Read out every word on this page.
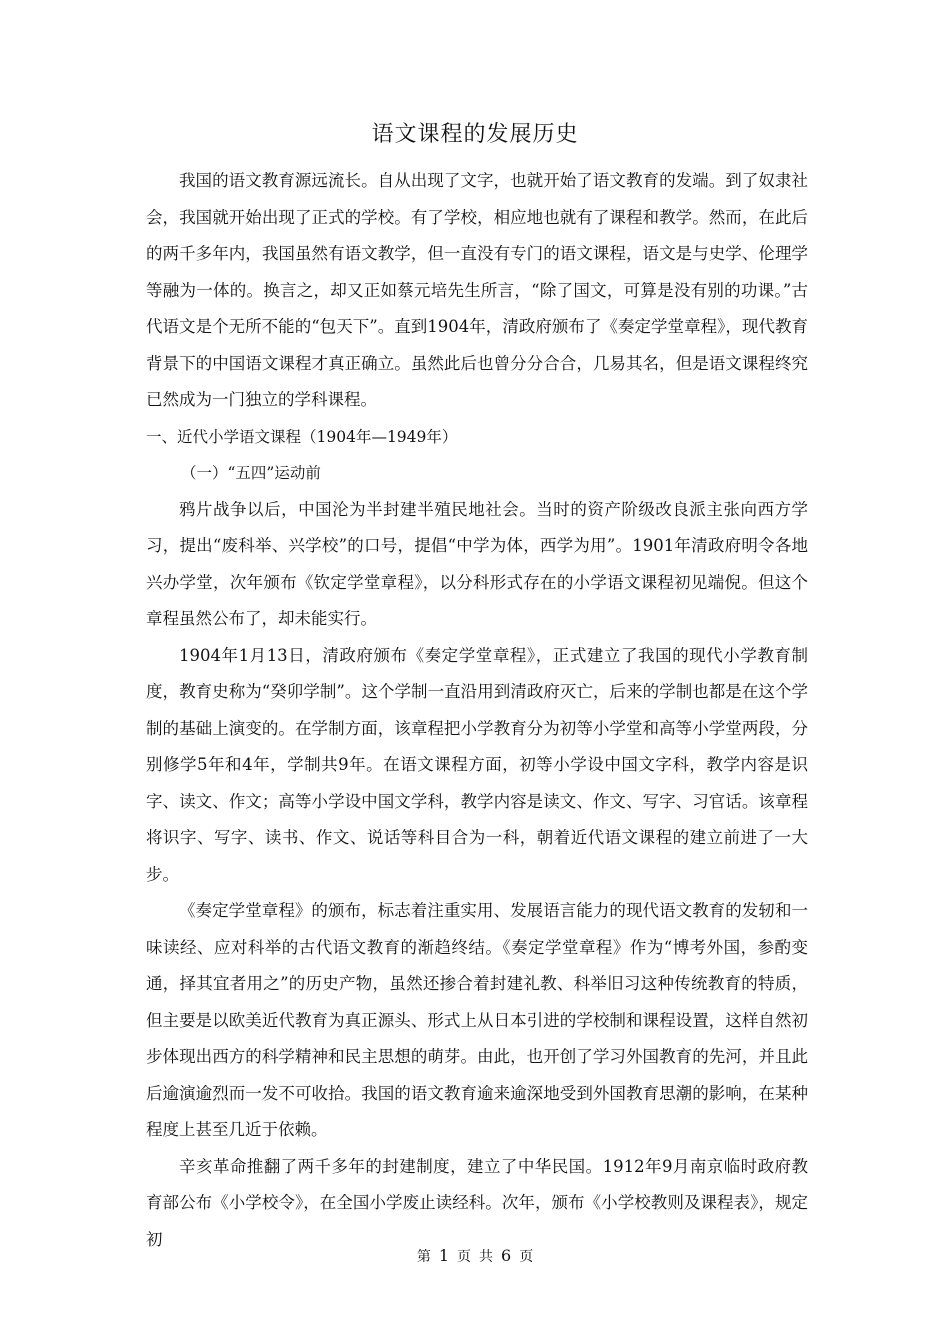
语文课程的发展历史

我国的语文教育源远流长。自从出现了文字，也就开始了语文教育的发端。到了奴隶社会，我国就开始出现了正式的学校。有了学校，相应地也就有了课程和教学。然而，在此后的两千多年内，我国虽然有语文教学，但一直没有专门的语文课程，语文是与史学、伦理学等融为一体的。换言之，却又正如蔡元培先生所言，“除了国文，可算是没有别的功课。”古代语文是个无所不能的“包天下”。直到1904年，清政府颁布了《奏定学堂章程》，现代教育背景下的中国语文课程才真正确立。虽然此后也曾分分合合，几易其名，但是语文课程终究已然成为一门独立的学科课程。

一、近代小学语文课程（1904年—1949年）

（一）“五四”运动前

鸦片战争以后，中国沦为半封建半殖民地社会。当时的资产阶级改良派主张向西方学习，提出“废科举、兴学校”的口号，提倡“中学为体，西学为用”。1901年清政府明令各地兴办学堂，次年颁布《钦定学堂章程》，以分科形式存在的小学语文课程初见端倪。但这个章程虽然公布了，却未能实行。

1904年1月13日，清政府颁布《奏定学堂章程》，正式建立了我国的现代小学教育制度，教育史称为“癸卯学制”。这个学制一直沿用到清政府灭亡，后来的学制也都是在这个学制的基础上演变的。在学制方面，该章程把小学教育分为初等小学堂和高等小学堂两段，分别修学5年和4年，学制共9年。在语文课程方面，初等小学设中国文字科，教学内容是识字、读文、作文；高等小学设中国文学科，教学内容是读文、作文、写字、习官话。该章程将识字、写字、读书、作文、说话等科目合为一科，朝着近代语文课程的建立前进了一大步。

《奏定学堂章程》的颁布，标志着注重实用、发展语言能力的现代语文教育的发轫和一味读经、应对科举的古代语文教育的渐趋终结。《奏定学堂章程》作为“博考外国，参酌变通，择其宜者用之”的历史产物，虽然还掺合着封建礼教、科举旧习这种传统教育的特质，但主要是以欧美近代教育为真正源头、形式上从日本引进的学校制和课程设置，这样自然初步体现出西方的科学精神和民主思想的萌芽。由此，也开创了学习外国教育的先河，并且此后逾演逾烈而一发不可收拾。我国的语文教育逾来逾深地受到外国教育思潮的影响，在某种程度上甚至几近于依赖。

辛亥革命推翻了两千多年的封建制度，建立了中华民国。1912年9月南京临时政府教育部公布《小学校令》，在全国小学废止读经科。次年，颁布《小学校教则及课程表》，规定初

第 1 页 共 6 页
